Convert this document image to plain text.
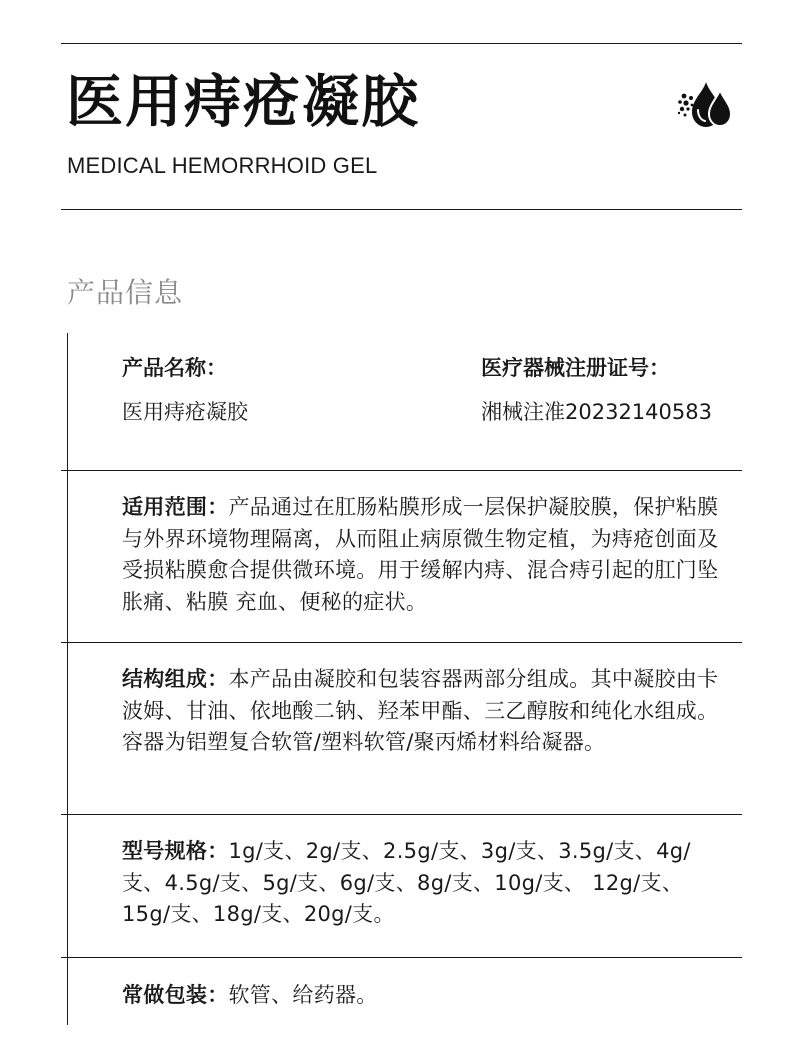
医用痔疮凝胶
MEDICAL HEMORRHOID GEL
产品信息
产品名称：
医用痔疮凝胶
医疗器械注册证号：
湘械注准20232140583
适用范围：产品通过在肛肠粘膜形成一层保护凝胶膜，保护粘膜与外界环境物理隔离，从而阻止病原微生物定植，为痔疮创面及受损粘膜愈合提供微环境。用于缓解内痔、混合痔引起的肛门坠胀痛、粘膜 充血、便秘的症状。
结构组成：本产品由凝胶和包装容器两部分组成。其中凝胶由卡波姆、甘油、依地酸二钠、羟苯甲酯、三乙醇胺和纯化水组成。容器为铝塑复合软管/塑料软管/聚丙烯材料给凝器。
型号规格：1g/支、2g/支、2.5g/支、3g/支、3.5g/支、4g/支、4.5g/支、5g/支、6g/支、8g/支、10g/支、 12g/支、15g/支、18g/支、20g/支。
常做包装：软管、给药器。
